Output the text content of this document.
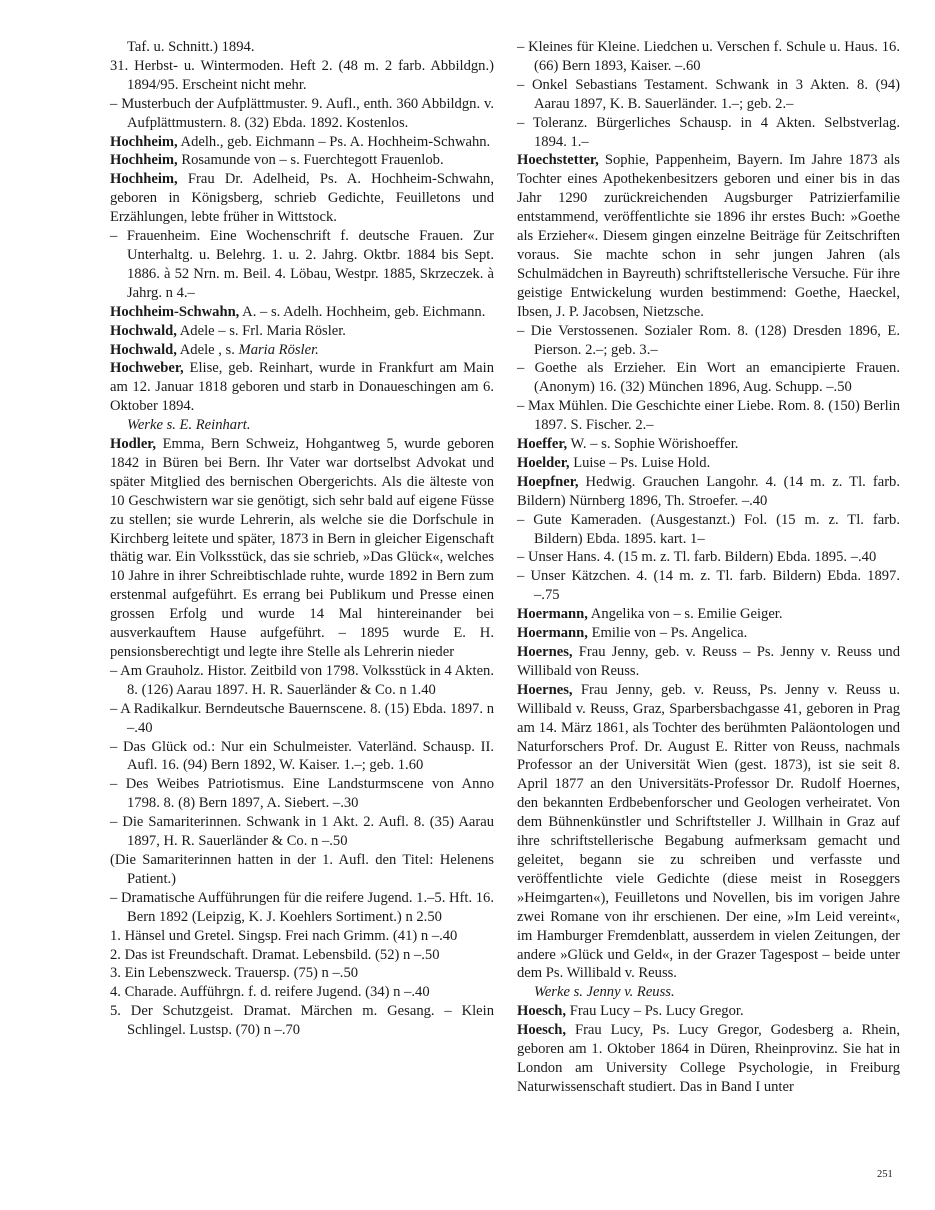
Taf. u. Schnitt.) 1894.

31. Herbst- u. Wintermoden. Heft 2. (48 m. 2 farb. Abbildgn.) 1894/95. Erscheint nicht mehr.

– Musterbuch der Aufplättmuster. 9. Aufl., enth. 360 Abbildgn. v. Aufplättmustern. 8. (32) Ebda. 1892. Kostenlos.

Hochheim, Adelh., geb. Eichmann – Ps. A. Hochheim-Schwahn.

Hochheim, Rosamunde von – s. Fuerchtegott Frauenlob.

Hochheim, Frau Dr. Adelheid, Ps. A. Hochheim-Schwahn, geboren in Königsberg, schrieb Gedichte, Feuilletons und Erzählungen, lebte früher in Wittstock.

– Frauenheim. Eine Wochenschrift f. deutsche Frauen. Zur Unterhaltg. u. Belehrg. 1. u. 2. Jahrg. Oktbr. 1884 bis Sept. 1886. à 52 Nrn. m. Beil. 4. Löbau, Westpr. 1885, Skrzeczek. à Jahrg. n 4.–

Hochheim-Schwahn, A. – s. Adelh. Hochheim, geb. Eichmann.

Hochwald, Adele – s. Frl. Maria Rösler.

Hochwald, Adele , s. Maria Rösler.

Hochweber, Elise, geb. Reinhart, wurde in Frankfurt am Main am 12. Januar 1818 geboren und starb in Donaueschingen am 6. Oktober 1894.

Werke s. E. Reinhart.

Hodler, Emma, Bern Schweiz, Hohgantweg 5, wurde geboren 1842 in Büren bei Bern. Ihr Vater war dortselbst Advokat und später Mitglied des bernischen Obergerichts. Als die älteste von 10 Geschwistern war sie genötigt, sich sehr bald auf eigene Füsse zu stellen; sie wurde Lehrerin, als welche sie die Dorfschule in Kirchberg leitete und später, 1873 in Bern in gleicher Eigenschaft thätig war. Ein Volksstück, das sie schrieb, »Das Glück«, welches 10 Jahre in ihrer Schreibtischlade ruhte, wurde 1892 in Bern zum erstenmal aufgeführt. Es errang bei Publikum und Presse einen grossen Erfolg und wurde 14 Mal hintereinander bei ausverkauftem Hause aufgeführt. – 1895 wurde E. H. pensionsberechtigt und legte ihre Stelle als Lehrerin nieder

– Am Grauholz. Histor. Zeitbild von 1798. Volksstück in 4 Akten. 8. (126) Aarau 1897. H. R. Sauerländer & Co. n 1.40

– A Radikalkur. Berndeutsche Bauernscene. 8. (15) Ebda. 1897. n –.40

– Das Glück od.: Nur ein Schulmeister. Vaterländ. Schausp. II. Aufl. 16. (94) Bern 1892, W. Kaiser. 1.–; geb. 1.60

– Des Weibes Patriotismus. Eine Landsturmscene von Anno 1798. 8. (8) Bern 1897, A. Siebert. –.30

– Die Samariterinnen. Schwank in 1 Akt. 2. Aufl. 8. (35) Aarau 1897, H. R. Sauerländer & Co. n –.50

(Die Samariterinnen hatten in der 1. Aufl. den Titel: Helenens Patient.)

– Dramatische Aufführungen für die reifere Jugend. 1.–5. Hft. 16. Bern 1892 (Leipzig, K. J. Koehlers Sortiment.) n 2.50

1. Hänsel und Gretel. Singsp. Frei nach Grimm. (41) n –.40

2. Das ist Freundschaft. Dramat. Lebensbild. (52) n –.50

3. Ein Lebenszweck. Trauersp. (75) n –.50

4. Charade. Aufführgn. f. d. reifere Jugend. (34) n –.40

5. Der Schutzgeist. Dramat. Märchen m. Gesang. – Klein Schlingel. Lustsp. (70) n –.70

– Kleines für Kleine. Liedchen u. Verschen f. Schule u. Haus. 16. (66) Bern 1893, Kaiser. –.60

– Onkel Sebastians Testament. Schwank in 3 Akten. 8. (94) Aarau 1897, K. B. Sauerländer. 1.–; geb. 2.–

– Toleranz. Bürgerliches Schausp. in 4 Akten. Selbstverlag. 1894. 1.–

Hoechstetter, Sophie, Pappenheim, Bayern. Im Jahre 1873 als Tochter eines Apothekenbesitzers geboren und einer bis in das Jahr 1290 zurückreichenden Augsburger Patrizierfamilie entstammend, veröffentlichte sie 1896 ihr erstes Buch: »Goethe als Erzieher«. Diesem gingen einzelne Beiträge für Zeitschriften voraus. Sie machte schon in sehr jungen Jahren (als Schulmädchen in Bayreuth) schriftstellerische Versuche. Für ihre geistige Entwickelung wurden bestimmend: Goethe, Haeckel, Ibsen, J. P. Jacobsen, Nietzsche.

– Die Verstossenen. Sozialer Rom. 8. (128) Dresden 1896, E. Pierson. 2.–; geb. 3.–

– Goethe als Erzieher. Ein Wort an emancipierte Frauen. (Anonym) 16. (32) München 1896, Aug. Schupp. –.50

– Max Mühlen. Die Geschichte einer Liebe. Rom. 8. (150) Berlin 1897. S. Fischer. 2.–

Hoeffer, W. – s. Sophie Wörishoeffer.

Hoelder, Luise – Ps. Luise Hold.

Hoepfner, Hedwig. Grauchen Langohr. 4. (14 m. z. Tl. farb. Bildern) Nürnberg 1896, Th. Stroefer. –.40

– Gute Kameraden. (Ausgestanzt.) Fol. (15 m. z. Tl. farb. Bildern) Ebda. 1895. kart. 1–

– Unser Hans. 4. (15 m. z. Tl. farb. Bildern) Ebda. 1895. –.40

– Unser Kätzchen. 4. (14 m. z. Tl. farb. Bildern) Ebda. 1897. –.75

Hoermann, Angelika von – s. Emilie Geiger.

Hoermann, Emilie von – Ps. Angelica.

Hoernes, Frau Jenny, geb. v. Reuss – Ps. Jenny v. Reuss und Willibald von Reuss.

Hoernes, Frau Jenny, geb. v. Reuss, Ps. Jenny v. Reuss u. Willibald v. Reuss, Graz, Sparbersbachgasse 41, geboren in Prag am 14. März 1861, als Tochter des berühmten Paläontologen und Naturforschers Prof. Dr. August E. Ritter von Reuss, nachmals Professor an der Universität Wien (gest. 1873), ist sie seit 8. April 1877 an den Universitäts-Professor Dr. Rudolf Hoernes, den bekannten Erdbebenforscher und Geologen verheiratet. Von dem Bühnenkünstler und Schriftsteller J. Willhain in Graz auf ihre schriftstellerische Begabung aufmerksam gemacht und geleitet, begann sie zu schreiben und verfasste und veröffentlichte viele Gedichte (diese meist in Roseggers »Heimgarten«), Feuilletons und Novellen, bis im vorigen Jahre zwei Romane von ihr erschienen. Der eine, »Im Leid vereint«, im Hamburger Fremdenblatt, ausserdem in vielen Zeitungen, der andere »Glück und Geld«, in der Grazer Tagespost – beide unter dem Ps. Willibald v. Reuss.

Werke s. Jenny v. Reuss.

Hoesch, Frau Lucy – Ps. Lucy Gregor.

Hoesch, Frau Lucy, Ps. Lucy Gregor, Godesberg a. Rhein, geboren am 1. Oktober 1864 in Düren, Rheinprovinz. Sie hat in London am University College Psychologie, in Freiburg Naturwissenschaft studiert. Das in Band I unter

251
